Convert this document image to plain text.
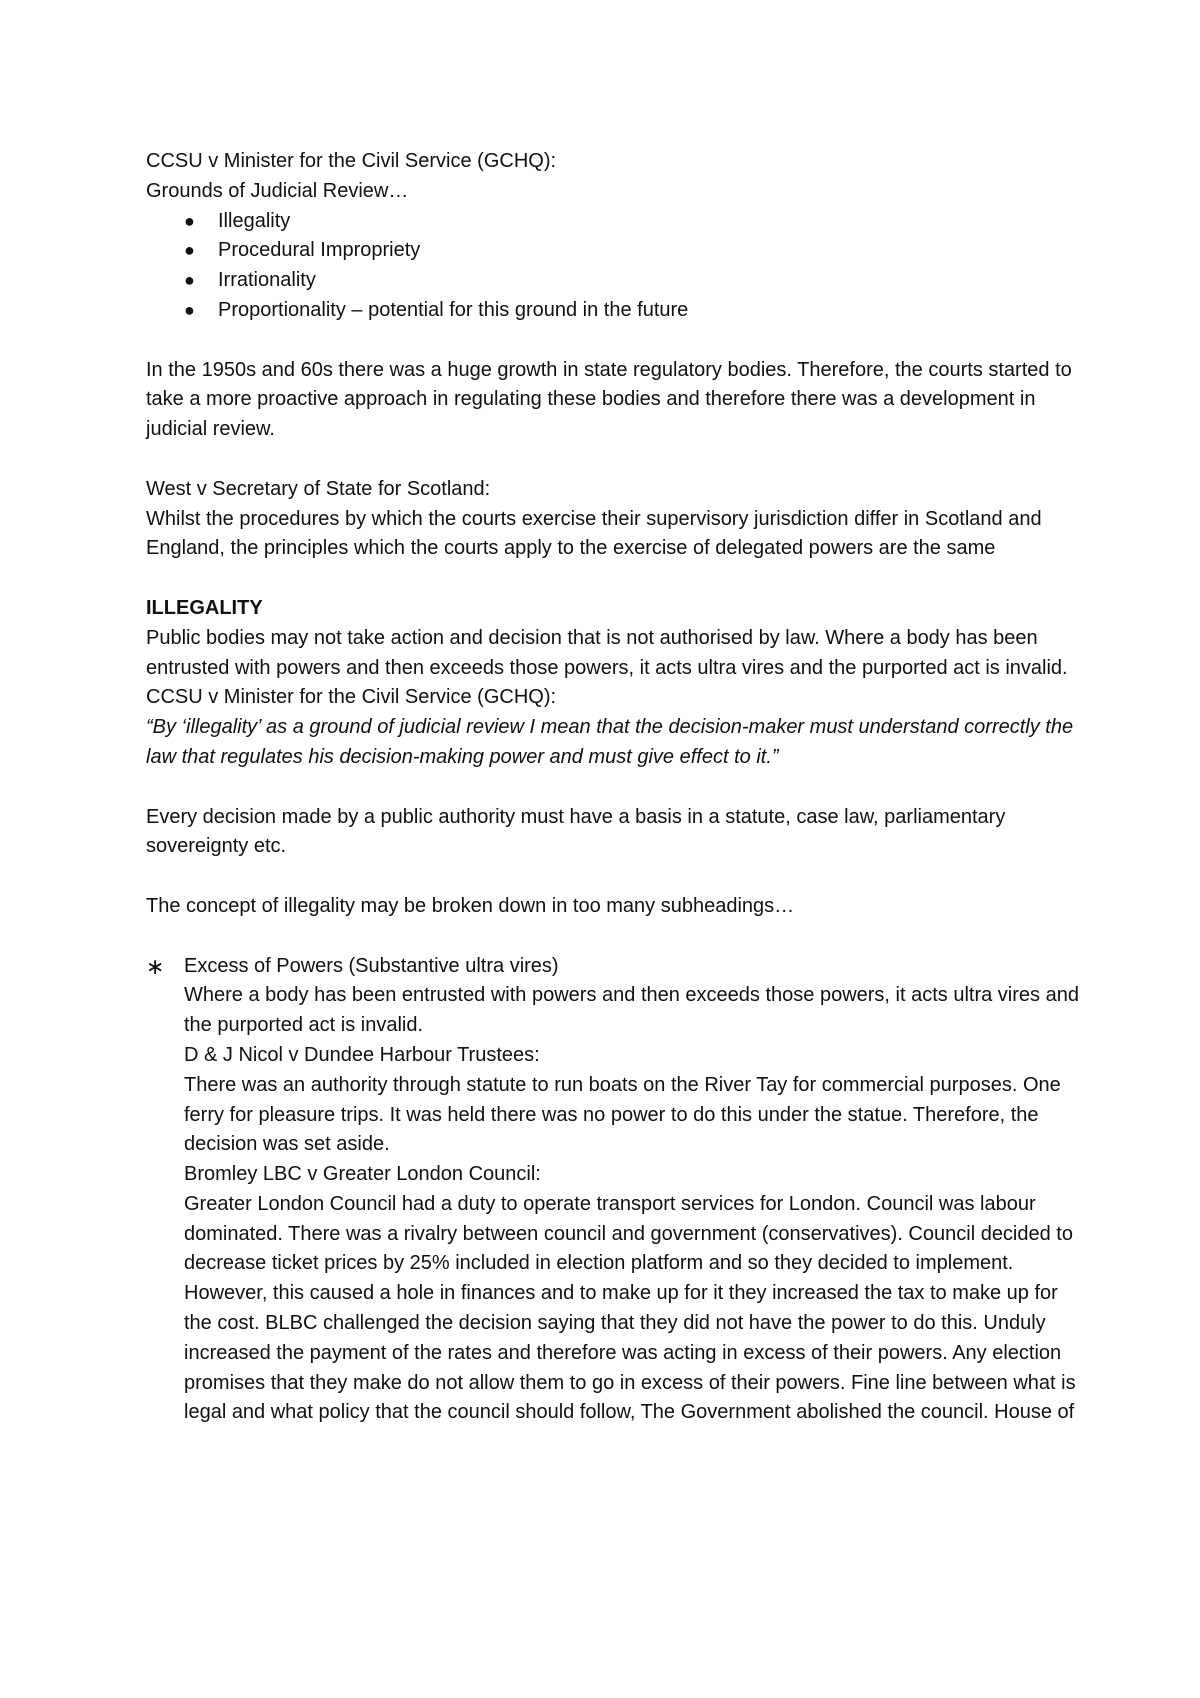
CCSU v Minister for the Civil Service (GCHQ):

Grounds of Judicial Review…

● Illegality
● Procedural Impropriety
● Irrationality
● Proportionality – potential for this ground in the future

In the 1950s and 60s there was a huge growth in state regulatory bodies. Therefore, the courts started to take a more proactive approach in regulating these bodies and therefore there was a development in judicial review.

West v Secretary of State for Scotland:

Whilst the procedures by which the courts exercise their supervisory jurisdiction differ in Scotland and England, the principles which the courts apply to the exercise of delegated powers are the same

ILLEGALITY

Public bodies may not take action and decision that is not authorised by law. Where a body has been entrusted with powers and then exceeds those powers, it acts ultra vires and the purported act is invalid.

CCSU v Minister for the Civil Service (GCHQ):

“By ‘illegality’ as a ground of judicial review I mean that the decision-maker must understand correctly the law that regulates his decision-making power and must give effect to it.”

Every decision made by a public authority must have a basis in a statute, case law, parliamentary sovereignty etc.

The concept of illegality may be broken down in too many subheadings…

∗ Excess of Powers (Substantive ultra vires)

Where a body has been entrusted with powers and then exceeds those powers, it acts ultra vires and the purported act is invalid.

D & J Nicol v Dundee Harbour Trustees:

There was an authority through statute to run boats on the River Tay for commercial purposes. One ferry for pleasure trips. It was held there was no power to do this under the statue. Therefore, the decision was set aside.

Bromley LBC v Greater London Council:

Greater London Council had a duty to operate transport services for London. Council was labour dominated. There was a rivalry between council and government (conservatives). Council decided to decrease ticket prices by 25% included in election platform and so they decided to implement. However, this caused a hole in finances and to make up for it they increased the tax to make up for the cost. BLBC challenged the decision saying that they did not have the power to do this. Unduly increased the payment of the rates and therefore was acting in excess of their powers. Any election promises that they make do not allow them to go in excess of their powers. Fine line between what is legal and what policy that the council should follow, The Government abolished the council. House of
